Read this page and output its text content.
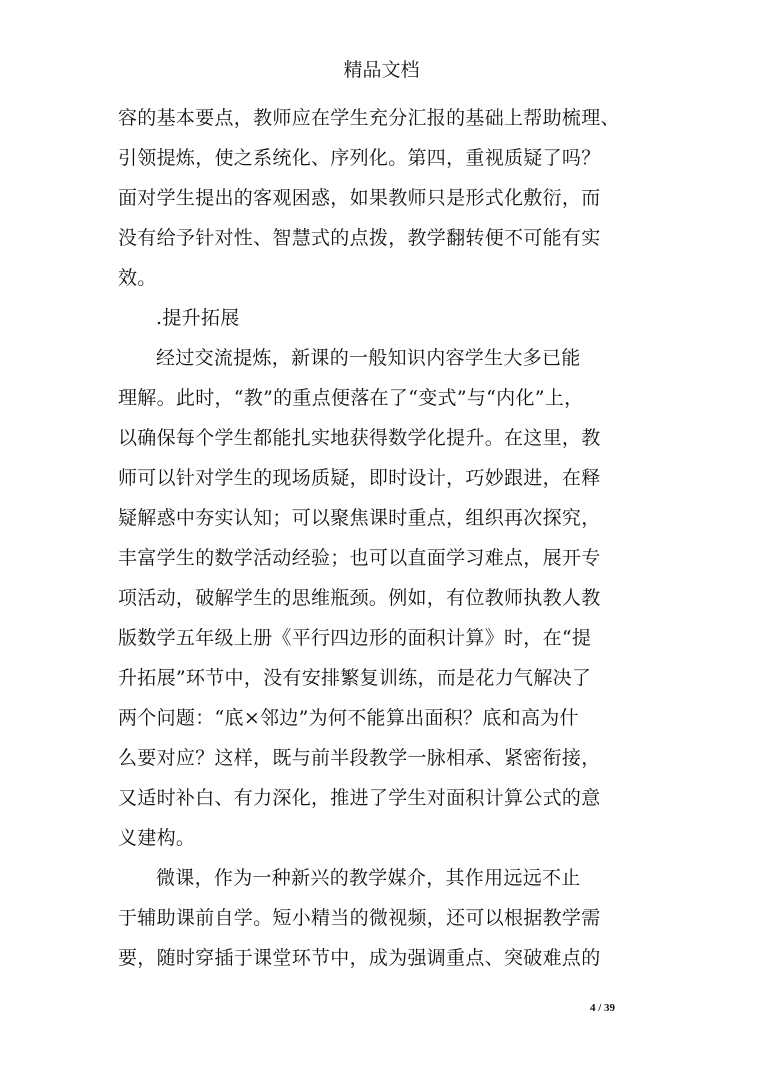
精品文档
容的基本要点，教师应在学生充分汇报的基础上帮助梳理、
引领提炼，使之系统化、序列化。第四，重视质疑了吗？
面对学生提出的客观困惑，如果教师只是形式化敷衍，而
没有给予针对性、智慧式的点拨，教学翻转便不可能有实
效。
.提升拓展
经过交流提炼，新课的一般知识内容学生大多已能
理解。此时，“教”的重点便落在了“变式”与“内化”上，
以确保每个学生都能扎实地获得数学化提升。在这里，教
师可以针对学生的现场质疑，即时设计，巧妙跟进，在释
疑解惑中夯实认知；可以聚焦课时重点，组织再次探究，
丰富学生的数学活动经验；也可以直面学习难点，展开专
项活动，破解学生的思维瓶颈。例如，有位教师执教人教
版数学五年级上册《平行四边形的面积计算》时，在“提
升拓展”环节中，没有安排繁复训练，而是花力气解决了
两个问题：“底×邻边”为何不能算出面积？底和高为什
么要对应？这样，既与前半段教学一脉相承、紧密衔接，
又适时补白、有力深化，推进了学生对面积计算公式的意
义建构。
微课，作为一种新兴的教学媒介，其作用远远不止
于辅助课前自学。短小精当的微视频，还可以根据教学需
要，随时穿插于课堂环节中，成为强调重点、突破难点的
4 / 39
